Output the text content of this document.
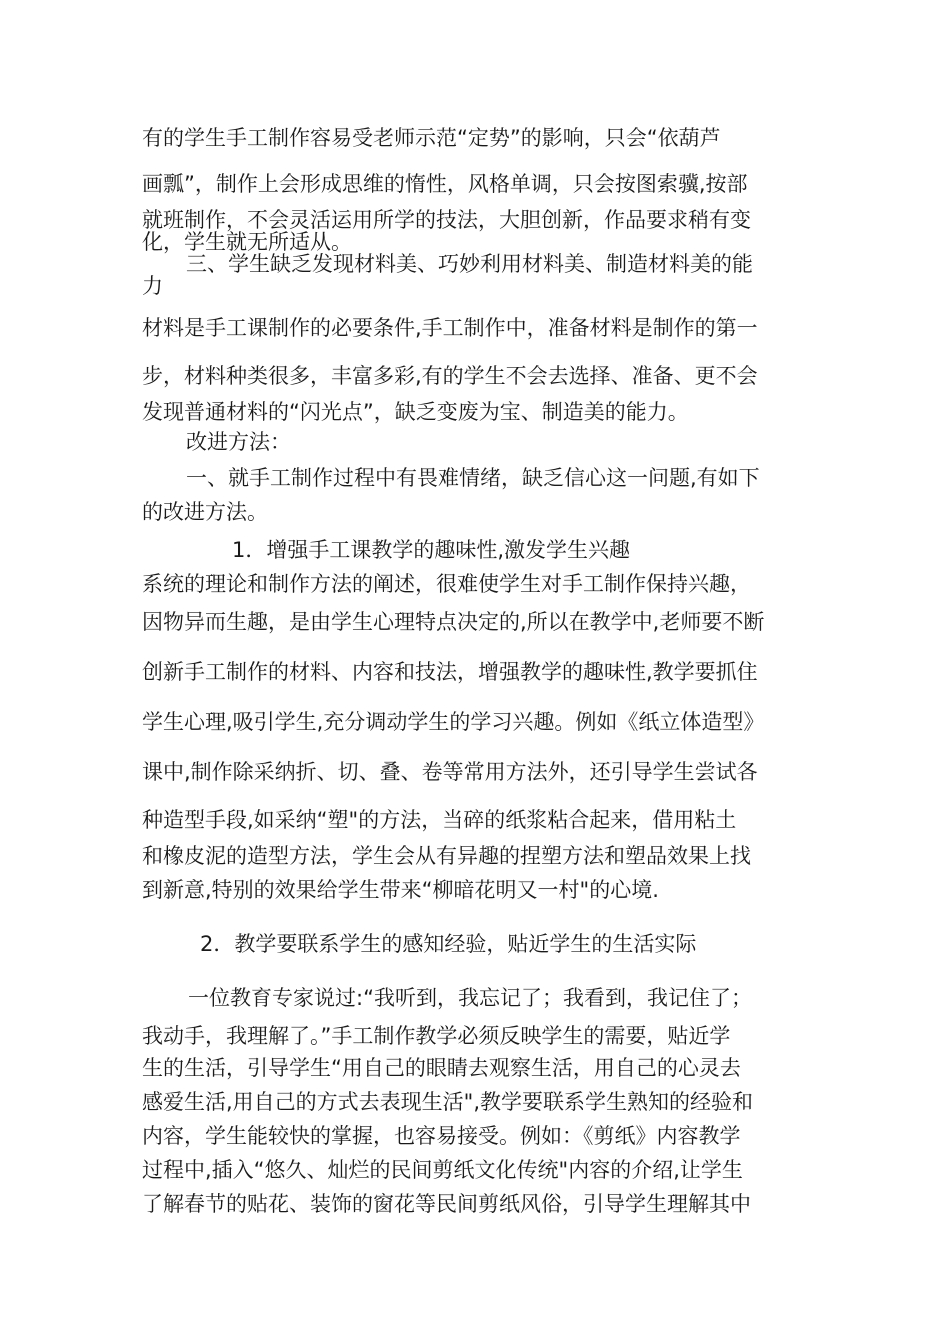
有的学生手工制作容易受老师示范“定势”的影响，只会“依葫芦
画瓢”，制作上会形成思维的惰性，风格单调，只会按图索骥,按部
就班制作，不会灵活运用所学的技法，大胆创新，作品要求稍有变
化，学生就无所适从。
三、学生缺乏发现材料美、巧妙利用材料美、制造材料美的能
力
材料是手工课制作的必要条件,手工制作中，准备材料是制作的第一
步，材料种类很多，丰富多彩,有的学生不会去选择、准备、更不会
发现普通材料的“闪光点”，缺乏变废为宝、制造美的能力。
改进方法：
一、就手工制作过程中有畏难情绪，缺乏信心这一问题,有如下
的改进方法。
1．增强手工课教学的趣味性,激发学生兴趣
系统的理论和制作方法的阐述，很难使学生对手工制作保持兴趣，
因物异而生趣，是由学生心理特点决定的,所以在教学中,老师要不断
创新手工制作的材料、内容和技法，增强教学的趣味性,教学要抓住
学生心理,吸引学生,充分调动学生的学习兴趣。例如《纸立体造型》
课中,制作除采纳折、切、叠、卷等常用方法外，还引导学生尝试各
种造型手段,如采纳“塑"的方法，当碎的纸浆粘合起来，借用粘土
和橡皮泥的造型方法，学生会从有异趣的捏塑方法和塑品效果上找
到新意,特别的效果给学生带来“柳暗花明又一村"的心境.
2．教学要联系学生的感知经验，贴近学生的生活实际
一位教育专家说过:“我听到，我忘记了；我看到，我记住了；
我动手，我理解了。”手工制作教学必须反映学生的需要，贴近学
生的生活，引导学生“用自己的眼睛去观察生活，用自己的心灵去
感爱生活,用自己的方式去表现生活",教学要联系学生熟知的经验和
内容，学生能较快的掌握，也容易接受。例如：《剪纸》内容教学
过程中,插入“悠久、灿烂的民间剪纸文化传统"内容的介绍,让学生
了解春节的贴花、装饰的窗花等民间剪纸风俗，引导学生理解其中
